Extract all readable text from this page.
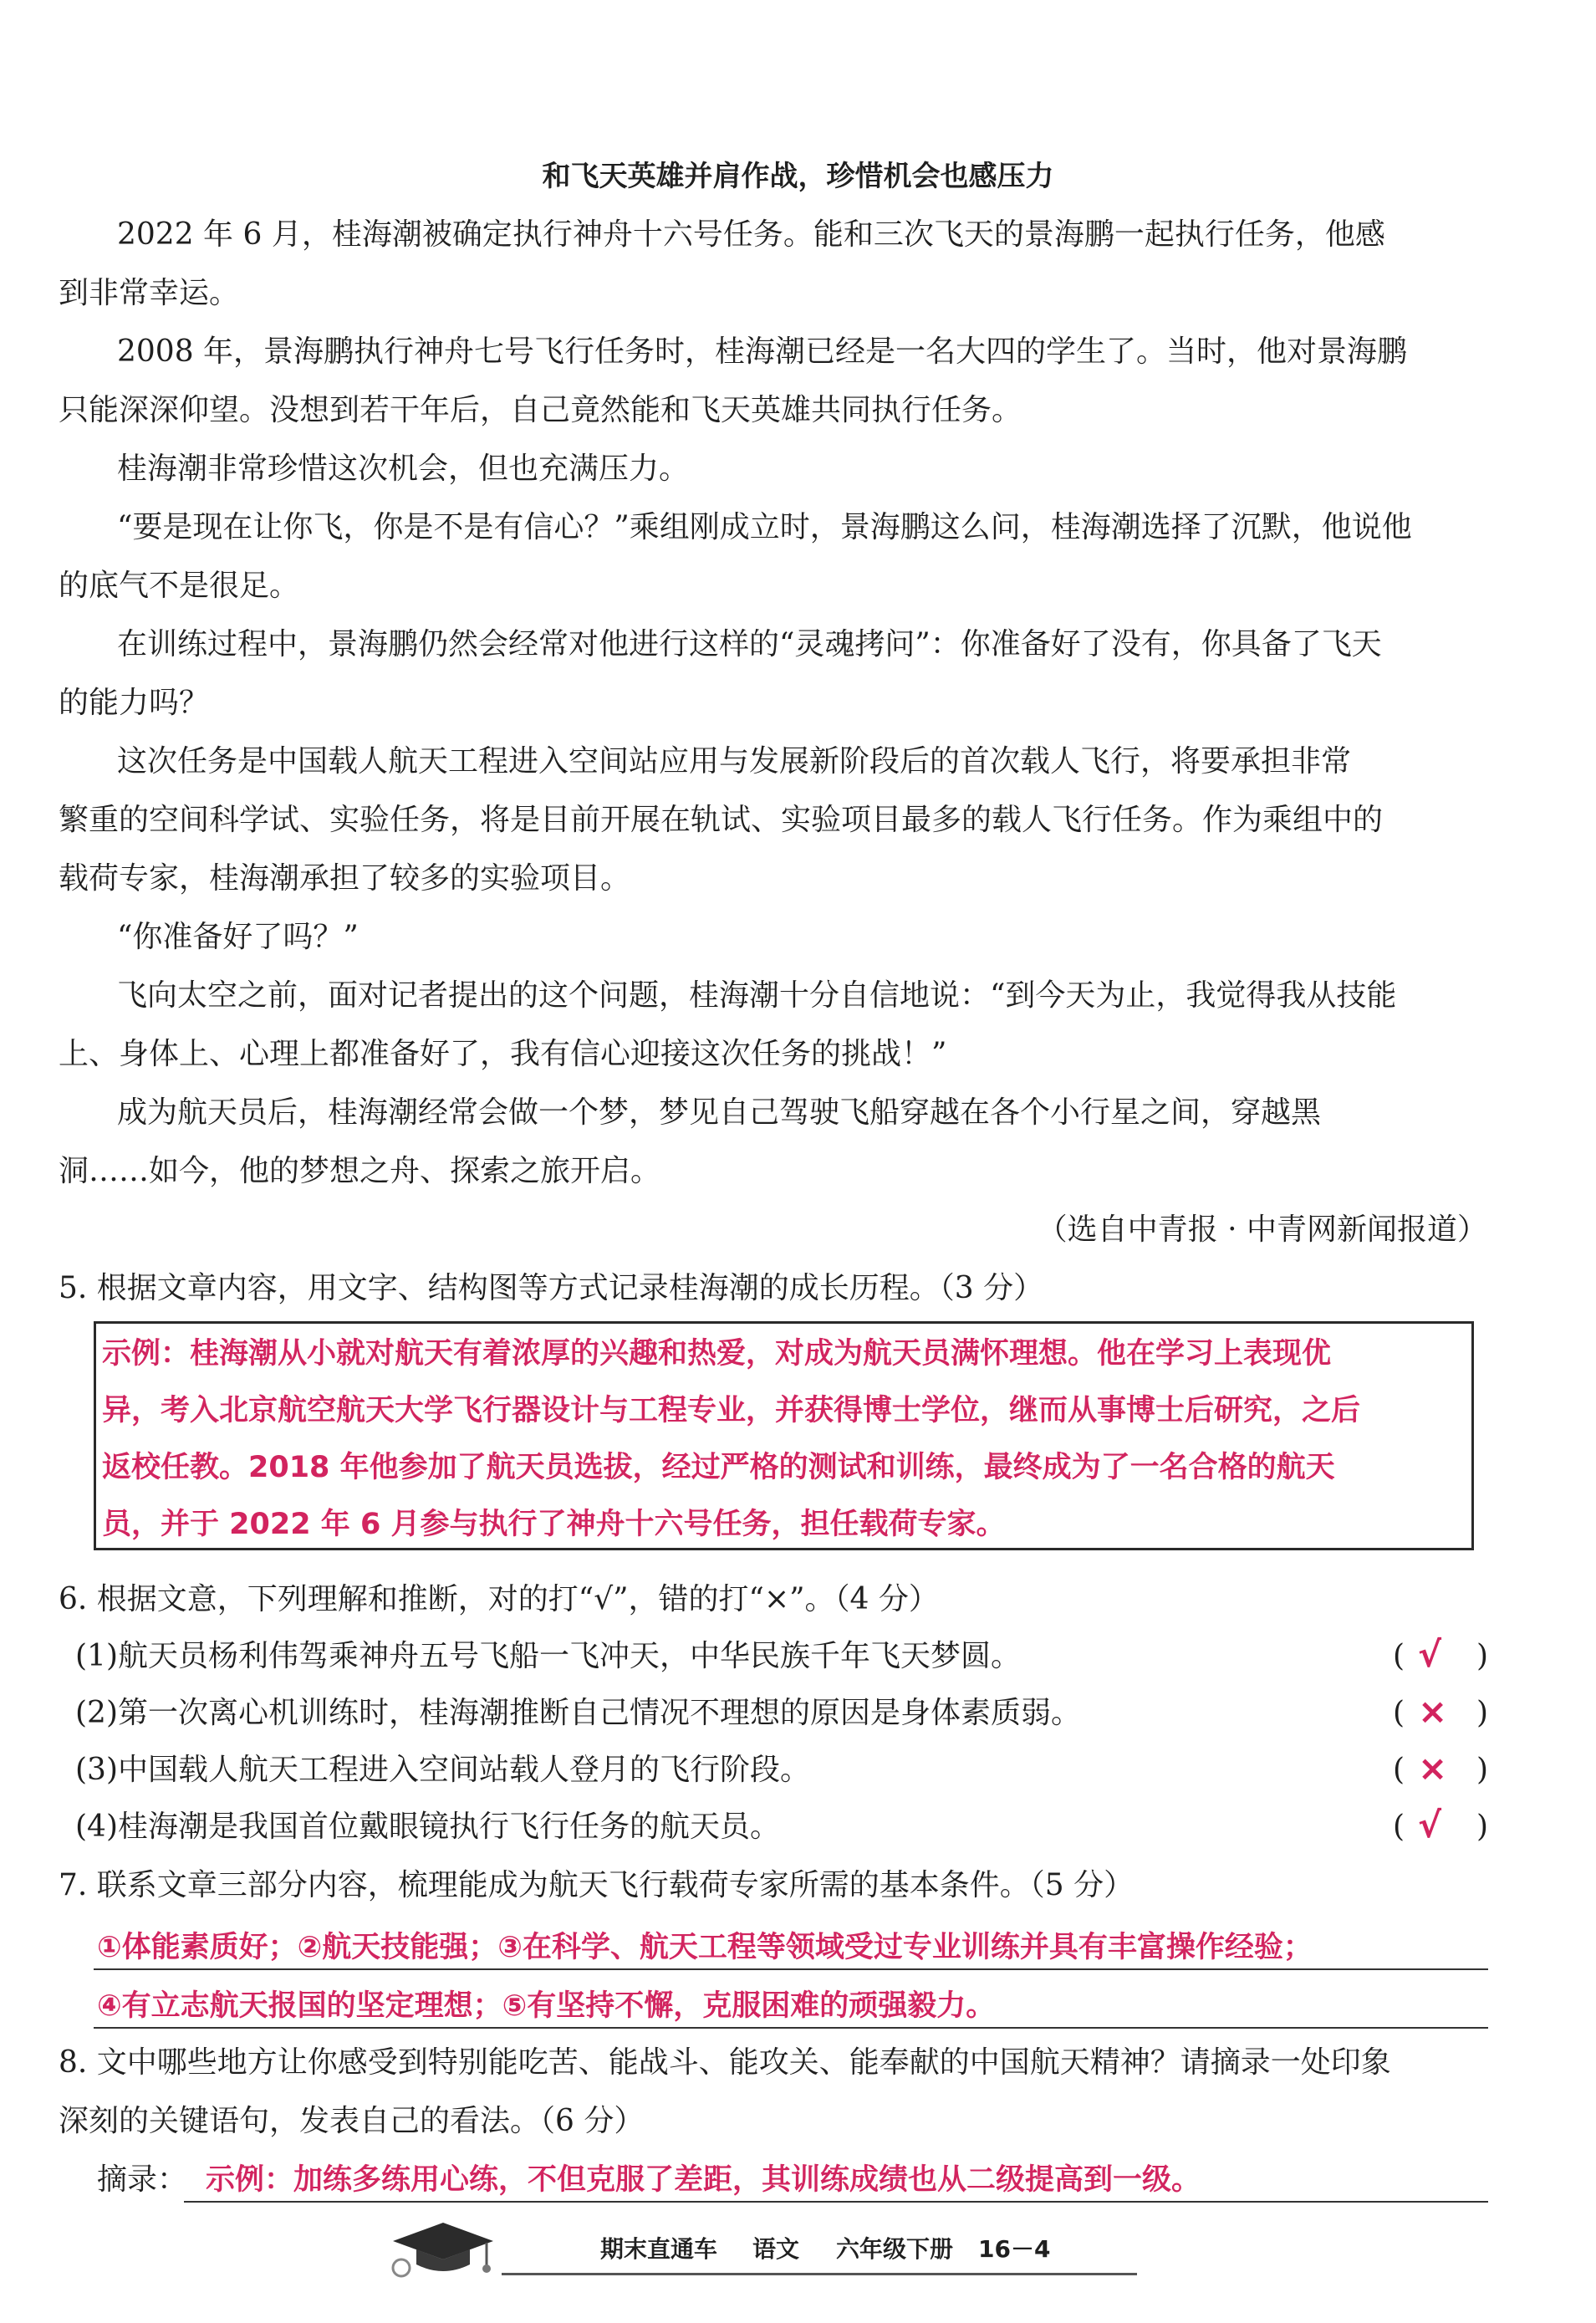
和飞天英雄并肩作战，珍惜机会也感压力
2022 年 6 月，桂海潮被确定执行神舟十六号任务。能和三次飞天的景海鹏一起执行任务，他感
到非常幸运。
2008 年，景海鹏执行神舟七号飞行任务时，桂海潮已经是一名大四的学生了。当时，他对景海鹏
只能深深仰望。没想到若干年后，自己竟然能和飞天英雄共同执行任务。
桂海潮非常珍惜这次机会，但也充满压力。
“要是现在让你飞，你是不是有信心？”乘组刚成立时，景海鹏这么问，桂海潮选择了沉默，他说他
的底气不是很足。
在训练过程中，景海鹏仍然会经常对他进行这样的“灵魂拷问”：你准备好了没有，你具备了飞天
的能力吗？
这次任务是中国载人航天工程进入空间站应用与发展新阶段后的首次载人飞行，将要承担非常
繁重的空间科学试、实验任务，将是目前开展在轨试、实验项目最多的载人飞行任务。作为乘组中的
载荷专家，桂海潮承担了较多的实验项目。
“你准备好了吗？”
飞向太空之前，面对记者提出的这个问题，桂海潮十分自信地说：“到今天为止，我觉得我从技能
上、身体上、心理上都准备好了，我有信心迎接这次任务的挑战！”
成为航天员后，桂海潮经常会做一个梦，梦见自己驾驶飞船穿越在各个小行星之间，穿越黑
洞……如今，他的梦想之舟、探索之旅开启。
（选自中青报 · 中青网新闻报道）
5. 根据文章内容，用文字、结构图等方式记录桂海潮的成长历程。（3 分）
示例：桂海潮从小就对航天有着浓厚的兴趣和热爱，对成为航天员满怀理想。他在学习上表现优
异，考入北京航空航天大学飞行器设计与工程专业，并获得博士学位，继而从事博士后研究，之后
返校任教。2018 年他参加了航天员选拔，经过严格的测试和训练，最终成为了一名合格的航天
员，并于 2022 年 6 月参与执行了神舟十六号任务，担任载荷专家。
6. 根据文意，下列理解和推断，对的打“√”，错的打“×”。（4 分）
(1)航天员杨利伟驾乘神舟五号飞船一飞冲天，中华民族千年飞天梦圆。	( √ )
(2)第一次离心机训练时，桂海潮推断自己情况不理想的原因是身体素质弱。	( × )
(3)中国载人航天工程进入空间站载人登月的飞行阶段。	( × )
(4)桂海潮是我国首位戴眼镜执行飞行任务的航天员。	( √ )
7. 联系文章三部分内容，梳理能成为航天飞行载荷专家所需的基本条件。（5 分）
①体能素质好；②航天技能强；③在科学、航天工程等领域受过专业训练并具有丰富操作经验；
④有立志航天报国的坚定理想；⑤有坚持不懈，克服困难的顽强毅力。
8. 文中哪些地方让你感受到特别能吃苦、能战斗、能攻关、能奉献的中国航天精神？请摘录一处印象
深刻的关键语句，发表自己的看法。（6 分）
摘录： 示例：加练多练用心练，不但克服了差距，其训练成绩也从二级提高到一级。
期末直通车 语文 六年级下册 16－4
